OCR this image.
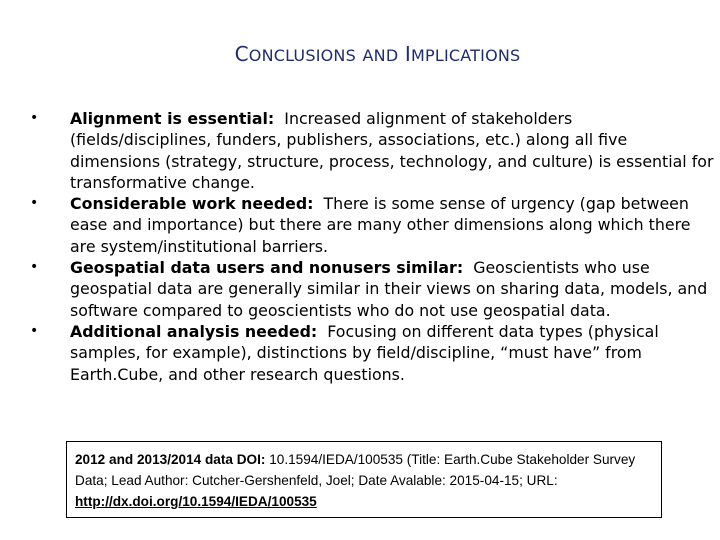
CONCLUSIONS AND IMPLICATIONS
• Alignment is essential: Increased alignment of stakeholders (fields/disciplines, funders, publishers, associations, etc.) along all five dimensions (strategy, structure, process, technology, and culture) is essential for transformative change.
• Considerable work needed: There is some sense of urgency (gap between ease and importance) but there are many other dimensions along which there are system/institutional barriers.
• Geospatial data users and nonusers similar: Geoscientists who use geospatial data are generally similar in their views on sharing data, models, and software compared to geoscientists who do not use geospatial data.
• Additional analysis needed: Focusing on different data types (physical samples, for example), distinctions by field/discipline, “must have” from Earth.Cube, and other research questions.
2012 and 2013/2014 data DOI: 10.1594/IEDA/100535 (Title: Earth.Cube Stakeholder Survey Data; Lead Author: Cutcher-Gershenfeld, Joel; Date Avalable: 2015-04-15; URL: http://dx.doi.org/10.1594/IEDA/100535
